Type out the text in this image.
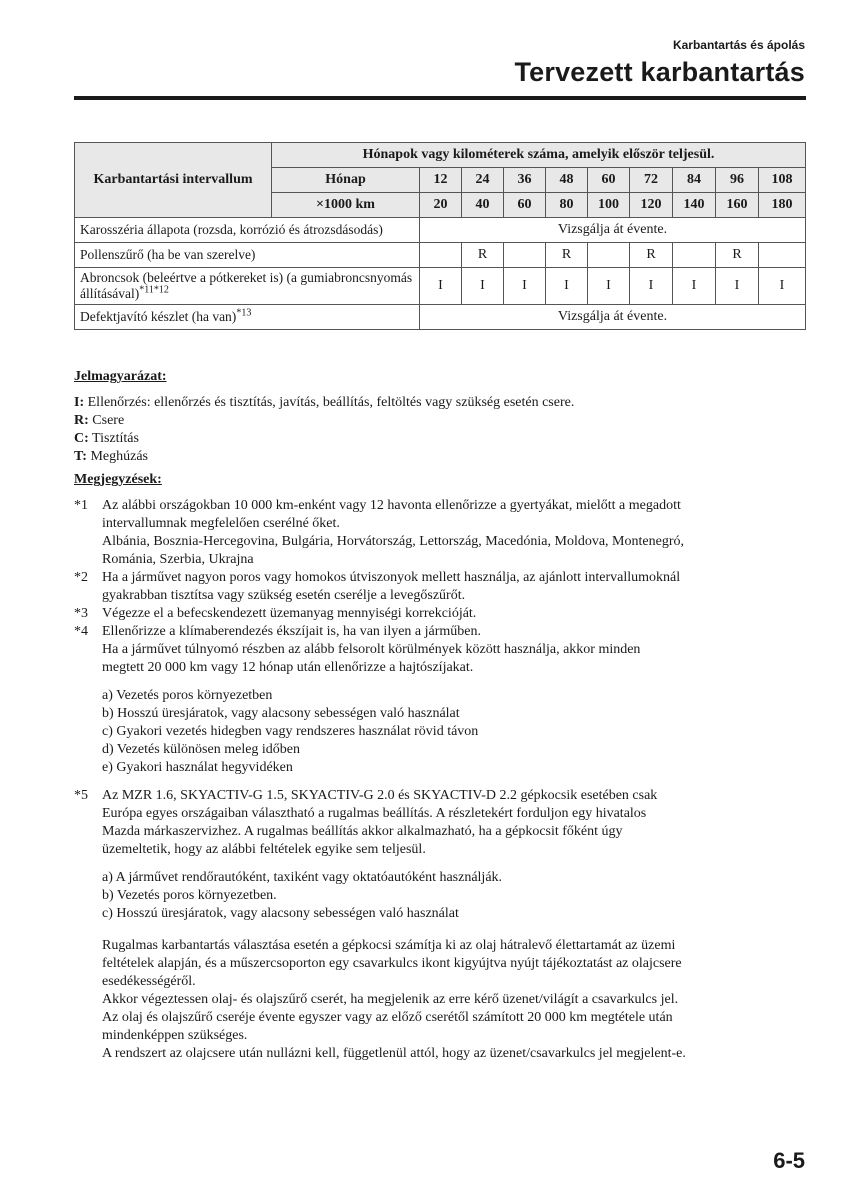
Karbantartás és ápolás
Tervezett karbantartás
Karbantartási intervallum	Hónapok vagy kilométerek száma, amelyik először teljesül.									
	Hónap	12	24	36	48	60	72	84	96	108
	×1000 km	20	40	60	80	100	120	140	160	180
Karosszéria állapota (rozsda, korrózió és átrozsdásodás)		Vizsgálja át évente.								
Pollenszűrő (ha be van szerelve)			R		R		R		R	
Abroncsok (beleértve a pótkereket is) (a gumiabroncsnyomás állításával)$^{*11*12}$		I	I	I	I	I	I	I	I	I
Defektjavító készlet (ha van)$^{*13}$		Vizsgálja át évente.								

Jelmagyarázat:

I: Ellenőrzés: ellenőrzés és tisztítás, javítás, beállítás, feltöltés vagy szükség esetén csere.

R: Csere

C: Tisztítás

T: Meghúzás

Megjegyzések:

*1 Az alábbi országokban 10 000 km-enként vagy 12 havonta ellenőrizze a gyertyákat, mielőtt a megadott
intervallumnak megfelelően cserélné őket.
Albánia, Bosznia-Hercegovina, Bulgária, Horvátország, Lettország, Macedónia, Moldova, Montenegró,
Románia, Szerbia, Ukrajna
*2 Ha a járművet nagyon poros vagy homokos útviszonyok mellett használja, az ajánlott intervallumoknál
gyakrabban tisztítsa vagy szükség esetén cserélje a levegőszűrőt.
*3 Végezze el a befecskendezett üzemanyag mennyiségi korrekcióját.
*4 Ellenőrizze a klímaberendezés ékszíjait is, ha van ilyen a járműben.
Ha a járművet túlnyomó részben az alább felsorolt körülmények között használja, akkor minden
megtett 20 000 km vagy 12 hónap után ellenőrizze a hajtószíjakat.
a) Vezetés poros környezetben
b) Hosszú üresjáratok, vagy alacsony sebességen való használat
c) Gyakori vezetés hidegben vagy rendszeres használat rövid távon
d) Vezetés különösen meleg időben
e) Gyakori használat hegyvidéken
*5 Az MZR 1.6, SKYACTIV-G 1.5, SKYACTIV-G 2.0 és SKYACTIV-D 2.2 gépkocsik esetében csak
Európa egyes országaiban választható a rugalmas beállítás. A részletekért forduljon egy hivatalos
Mazda márkaszervizhez. A rugalmas beállítás akkor alkalmazható, ha a gépkocsit főként úgy
üzemeltetik, hogy az alábbi feltételek egyike sem teljesül.
a) A járművet rendőrautóként, taxiként vagy oktatóautóként használják.
b) Vezetés poros környezetben.
c) Hosszú üresjáratok, vagy alacsony sebességen való használat
Rugalmas karbantartás választása esetén a gépkocsi számítja ki az olaj hátralevő élettartamát az üzemi
feltételek alapján, és a műszercsoporton egy csavarkulcs ikont kigyújtva nyújt tájékoztatást az olajcsere
esedékességéről.
Akkor végeztessen olaj- és olajszűrő cserét, ha megjelenik az erre kérő üzenet/világít a csavarkulcs jel.
Az olaj és olajszűrő cseréje évente egyszer vagy az előző cserétől számított 20 000 km megtétele után
mindenképpen szükséges.
A rendszert az olajcsere után nullázni kell, függetlenül attól, hogy az üzenet/csavarkulcs jel megjelent-e.
6-5
